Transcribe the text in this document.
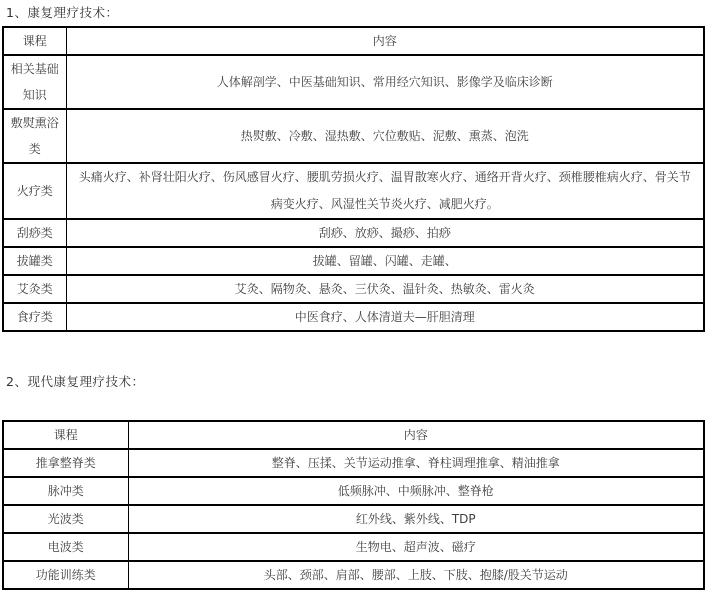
1、康复理疗技术：
课程	内容
相关基础知识	人体解剖学、中医基础知识、常用经穴知识、影像学及临床诊断
敷熨熏浴类	热熨敷、冷敷、湿热敷、穴位敷贴、泥敷、熏蒸、泡洗
火疗类	头痛火疗、补肾壮阳火疗、伤风感冒火疗、腰肌劳损火疗、温胃散寒火疗、通络开背火疗、颈椎腰椎病火疗、骨关节病变火疗、风湿性关节炎火疗、减肥火疗。
刮痧类	刮痧、放痧、撮痧、拍痧
拔罐类	拔罐、留罐、闪罐、走罐、
艾灸类	艾灸、隔物灸、悬灸、三伏灸、温针灸、热敏灸、雷火灸
食疗类	中医食疗、人体清道夫—肝胆清理
2、现代康复理疗技术：
课程	内容
推拿整脊类	整脊、压揉、关节运动推拿、脊柱调理推拿、精油推拿
脉冲类	低频脉冲、中频脉冲、整脊枪
光波类	红外线、紫外线、TDP
电波类	生物电、超声波、磁疗
功能训练类	头部、颈部、肩部、腰部、上肢、下肢、抱膝/股关节运动
